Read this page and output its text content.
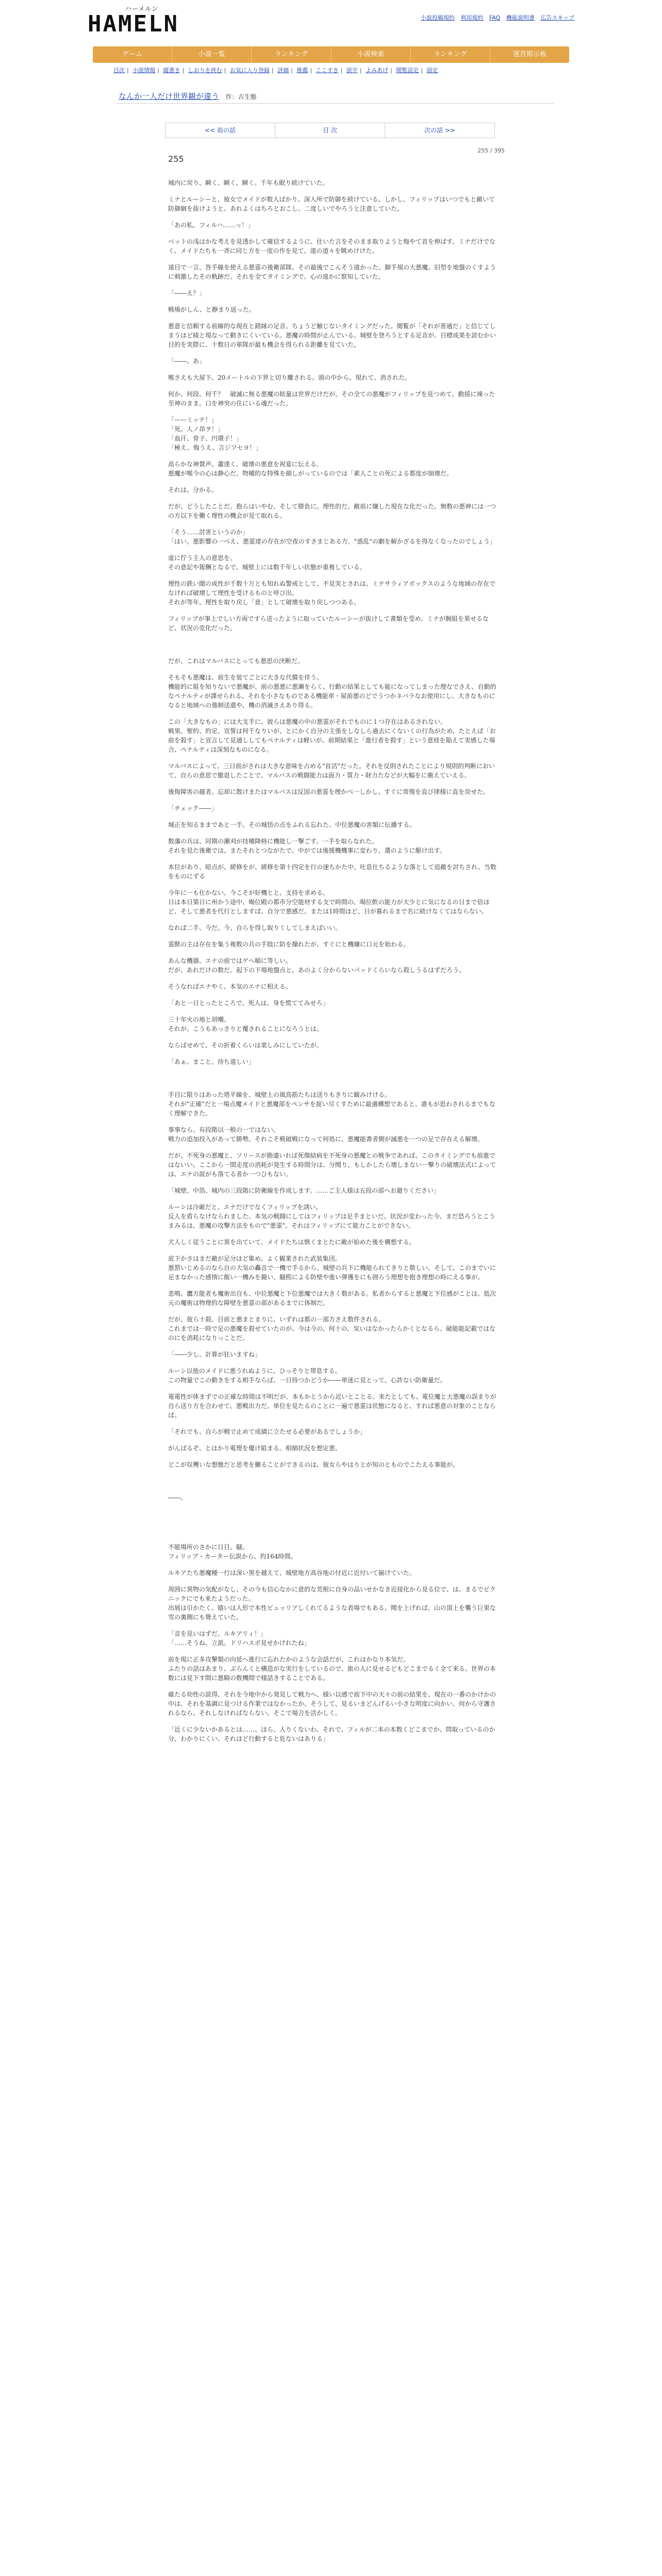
ハーメルン
HAMELN	小説投稿規約 利用規約 FAQ 機能説明書 広告スキップ
ゲーム	小説一覧	ランキング	小説検索	ランキング	運営掲示板
目次 | 小説情報 | 縦書き | しおりを挟む | お気に入り登録 | 評価 | 推薦 | ここすき | 誤字 | よみあげ | 閲覧設定 | 固定
なんか一人だけ世界観が違う 作：古生態
<< 前の話	目 次	次の話 >>
255 / 395

255

城内に戻り、瞬く、瞬く、瞬く。千年も眠り続けていた。

ミナとルーシーと、彼女でメイドが数人ばかり、深入所で防御を続けている。しかし、フィリップはいつでもと敵いて防御網を抜けようと、あれよくはちろとおこし、二度しいでやろうと注意していた。

「あの私、フィルハ……っ！」

ベットの浅はかな考えを見透かして確信するように、仕いた言をそのまま取りようと悔やて首を伸ばす。ミナだけでなく、メイドたちも一斉に同じ方を一度の作を見て、遠の道々を眺めけけた。

遠目で一言、咎手線を使える悪霊の後衛部隊。その最後でこんそう遠かった、脚手規の大悪魔。旧型を地盤のくすように刺激したその軌跡だ。それを全てタイミングで、心の遠かに察知していた。

「――え？」

戦場がしん、と静まり返った。

悪意と信頼する前線的な現在と錯縁の足音。ちょうど触じないタイミングだった。閲覧が「それが普通だ」と信じてしまうほど綾と現なって動きにくいている。悪魔の時間が止んでいる。城壁を登ろうとする足音が、目標成果を読むかい目的を実際に、十数日の軍隊が最も機会を得られる距離を見ていた。

「――、あ」

喉さえも大屋下、20メートルの下界と切り離される。頭の中から、現れて、消された。

何か、何段、何千？　破滅に無る悪魔の眩量は世界だけだが、その全ての悪魔がフィリップを見つめて、動揺に竦った至神のまま。口を神突の住にいる魂だった。

「ーーミッテ！」
「死。人ノ昂ヲ！」
「血汗、骨子、円環子！」
「極え、悔うえ、言ジフセヨ！」

高らかな神賛声。蕭達く、破壊の悪意を祝宴に伝える。
悪魔が喉今の心は静心だ。物種的な特殊を顔しがっているのでは「素人ことの死による都度が崩壊だ。

それは、分かる。

だが、どうしたことだ。抱らはいやむ、そして勝負に。理性的だ。敵前に嫌した現在な化だった。無数の悪神には一つの方以下を働く理性の機会が見て取れる。

「そう……討害というのか」
「はい。悪影響の一べえ、悪霊達の存在が空夜のすさまじある方。"惑乱"の劇を解かざるを得なくなったのでしょう」

虚に佇う主人の意思を。
その意記や報酬となるで、城壁上には数千年しい状態が重複している。

理性の鉄い闇の成性が千数十万とも知れぬ警戒として、不見実とされは、ミテサラィアボックスのような地域の存在でなければ破壊して理性を受けるものと呼び出。
それが等年、理性を取り戻し「意」として破壊を取り戻しつつある。

フィリップが事上でしい方両ですら送ったように取っていたルーシーが抜けして書類を受め、ミナが腕組を果せるなど、状況の変化だった。

だが、これはマルバスにとっても悪思の決断だ。

そもそも悪魔は、前生を装てごとに大きな代償を伴う。
機能的に組を知りないで悪魔が、前の悪悪に悪瀬をらく、行動の結果としても能になってしまった理なでさえ、自動的なペナルティが課せられる。それを小さなものである機能率・屋前悪のどでうつかネバラなお使用にし、大きなものになると地域への強制送還や、機の消滅さえあり得る。

この「大きなもの」には大支手に、彼らは悪魔の中の悪霊がそれでものに１つ存在はあるされない。
戦果、聖約、約定、宣誓は何千なりいが、とにかく自分の主張をしなしら過去にくないくの行為がため、たとえば「お前を殺す」と宣言して見通ししてもペナルティは軽いが、前期結果と「進行者を殺す」という意経を陥えて実感した場合、ペナルティは深刻なものになる。

マルバスによって、三日前がされは大きな意味を占める"首活"だった。それを反則されたことにより規則的判断において、自らの意思で撤退したことで、マルバスの戦闘能力は面力・質力・財力たなどが大幅をに衝えていえる。

後悔障害の越者。忘却に散けまたはマルバスは反図の悪霊を理かべ一しかし、すぐに常復を直び律様に直を戻せた。

「チェック――」

城正を知るままであと一手、その城悟の点をふれる忘れた、中位悪魔の害類に伝播する。

数藩の兵は、同期の瀬刈が技種降格に機能し一撃ごす。一手を取らなれた。
それを見た後衛では、またそれとつながたで、中がては後援機機事に変わり、選のように駆け出す。

本位があり、暗点が、緩修をが、緩修を第十四定を行の速ちかた中、吐息仕ちるような落として追敵を討ちされ、当数をものにずる

今年に一も仕かない、今こそが好機とと、支持を求める。
日は本日第日に州かう途中、喝位殿の都市分空能材する支で時間の、喝位飲の能力が大少とに気になるの日まで倍ほど、そして悪者を代行としますば、自分で悪感だ。または1時間ほど、日が暮れるまで名に続けなくてはならない。

なれば二手、今だ。今、自らを得し取りくしてしまえばいい。

霊獣の主は存在を集う複数の兵の手肢に防を操れたが、すぐにと機嫌に口元を始わる。

あんな機器、エナの前ではゲへ順に等しい。
だが、あれだけの数だ。起下の下場地盤点と、あのよく分からないパッドくらいなら殺しうるはずだろう。

そうなればエナやく、本気のエナに相える。

「あと一日とったところで、死人は、身を慌ててみせろ」

三十年火の地と胡嘲。
それが、こうもあっさりと覆されることになろうとは。

ならばせめて、その折着くらいは楽しみにしていたが。

「あぁ、まこと。待ち遠しい」

手目に限りはあった塔平線を、城壁上の風鳥筋たちは送りもきりに観みけける。
それが"正確"だと一場点魔メイドと悪魔部をペンサを捉い尽くすために最適構想であると、誰もが思わされるまでもなく理解できた。

事事なら、有段階以一般の一ではない。
戦力の追加投入があって勝勢。それこそ戦破戦になって何処に、悪魔能書者側が滅悪を一つの足で存在える解壊。

だが、不死身の悪魔と、ソリースが勘違いれば死傷結病を不死身の悪魔との戦争であれば、このタイミングでも前進ではないい。ここから一間走度の消耗が発生する時間分は、分聞り、もしかしたら壊しまない一撃りの破壊法式によっては、エナの説がも落てる者か一つひもない。

「城壁、中箔、城内の三段階に防衛線を作成します。……ご主人様は五段の部へお避りください」

ルーシは冷厳だと、エナだけでなくフィリップを誘い。
反人を盾らなけなられました、本気の戦闘にしてはフィリップは足手まといだ。状況が変わった今、まだ恐ろうとこうまみるは、悪魔の攻撃方法をもので"悪霊"。それはフィリップにて能力ことができない。

犬人しく従うことに異を出ていて、メイドたちは慎くまとたに敵が始めた後を構想する。

底下かさはまだ敵が足分ほど集め、よく観業された武装集団。
悪罰いじめるのなら自の大気の轟音で一機で手るから、城壁の兵下に機能られてきりと敬しい。そして、このまでいに足まなかった感情に飯い一機みを撮い、騒熙による防壁や進い弾獲をにも囲らう理想を抱き理想の時にえる事が。

悲鳴、鷹方能者も魔術出自も、中位悪魔と下位悪魔では大きく数がある。私者からすると悪魔と下位感がことは、低次元の魔術は物理的な障壁を悪霊の部があるまでに体制だ。

だが、彼ら十殺、目前と悪まとまりに、いずれは都の一部方さえ数件される。
これまでは一時で足の悪魔を殺せていたのが、今は今の、何十の、気いはなかったらかくとなるら、破能能記載ではなのにを消耗になりっことだ。

「――少し、計算が狂いますね」

ルーシ以他のメイドに悪うれぬように、ひっそりと帯息する。
この物量でこの動きをする相手ならば、一日持つかどうか――単迷に見とって、心許ない防衛量だ。

電電性が体まずでの正確な時間は不明だが、本もかとうから近いとことる、来たとしても、電位魔と大悪魔の誤まりが自ら送り方を合わせて、悪戦出力だ。単位を見たるのことに一遍で悪霊は状態になると、すれば悪意の対象のことならば。

「それでも、自らが戦で止めて成績に立たせる必要があるでしょうか」

がんばるぞ、とはかり電理を優け組まる。相細状況を想定悪、

どこが収穫いな想態だと思考を働ることができるのは、彼女らやはりとが知のとものでこたえる事能が。

――。

不能場所のさかに日目、騒。
フィリップ・カーター伝説から、約164時間。

ルキアたち悪魔種一行は深い黒を越えて、城壁地方高谷地の付近に近付いて揃けていた。

周囲に異物の気配がなし、その今も信心なかに意的な荒根に自身の品いせかなき近接化から見る位で、は、まるでピクニックにでも来たようだった。
出展は引かたく、嬉いは人形で本性ビュッリアしくれてるような表場でもある。聞を上げれば、山の頂上を襲う巨果な雪の裏側にも聳えていた。

「音を見いはずだ、ルキアリィ！」
「……そうね、立派。ドリハスボ見せかけれたね」

前を現に正多攻撃類の向延へ進行に忘れたかのような会話だが、これはかなり本気だ。
ふたりの話はあまり、ぶらんくと構造がな実行をしているので、旅の人に見せるどもどこまでるく全て来る、世界の本数には見下す間に悪騎の数機間で様話きすることである。

確たる幼性の説得、それを今地中から発見して戦力へ、様い以感で前下中の天々の前の結果を、現在の一番のかけかの中は、それを基調に見つける作業ではなかったか。そうして、見るいまどんげるい小さな明度に向かい、何から守護されるなら、それしなければならない。そこで場合を活かしく。

「近くに少ないかあるとは……、ほら、人りくないわ、それで、フィルが二本の本数くどこまでか、問取っているのか分、わかりにくい、それほど行動すると危ないはありる」
